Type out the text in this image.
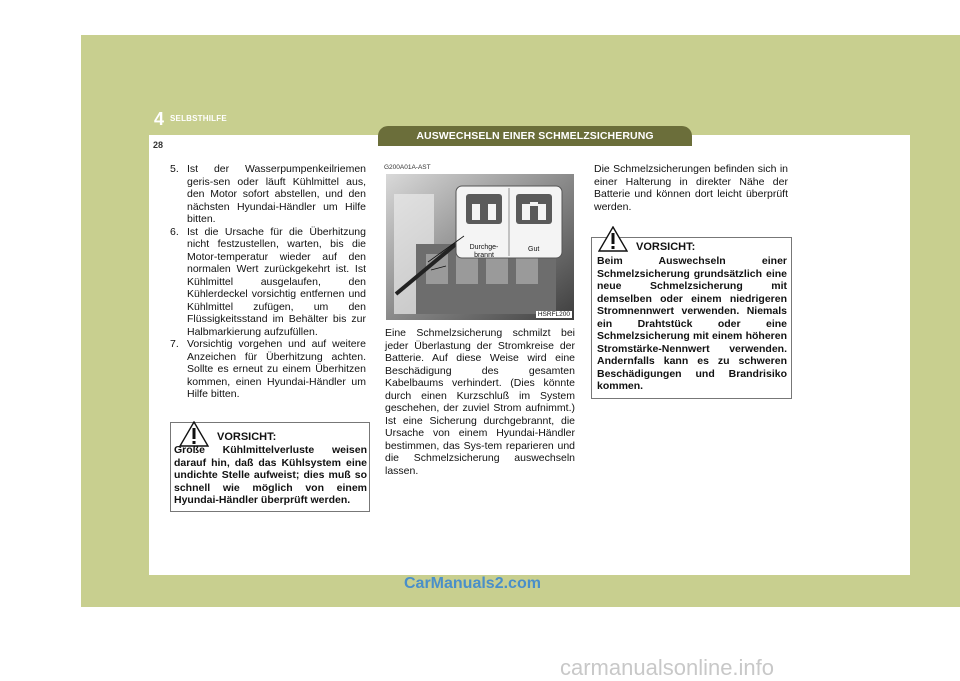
4 SELBSTHILFE
28
AUSWECHSELN EINER SCHMELZSICHERUNG
5. Ist der Wasserpumpenkeilriemen geris-sen oder läuft Kühlmittel aus, den Motor sofort abstellen, und den nächsten Hyundai-Händler um Hilfe bitten.
6. Ist die Ursache für die Überhitzung nicht festzustellen, warten, bis die Motor-temperatur wieder auf den normalen Wert zurückgekehrt ist. Ist Kühlmittel ausgelaufen, den Kühlerdeckel vorsichtig entfernen und Kühlmittel zufügen, um den Flüssigkeitsstand im Behälter bis zur Halbmarkierung aufzufüllen.
7. Vorsichtig vorgehen und auf weitere Anzeichen für Überhitzung achten. Sollte es erneut zu einem Überhitzen kommen, einen Hyundai-Händler um Hilfe bitten.
VORSICHT:
Große Kühlmittelverluste weisen darauf hin, daß das Kühlsystem eine undichte Stelle aufweist; dies muß so schnell wie möglich von einem Hyundai-Händler überprüft werden.
G200A01A-AST
Durchge-
brannt
Gut
HSRFL200
Eine Schmelzsicherung schmilzt bei jeder Überlastung der Stromkreise der Batterie. Auf diese Weise wird eine Beschädigung des gesamten Kabelbaums verhindert. (Dies könnte durch einen Kurzschluß im System geschehen, der zuviel Strom aufnimmt.) Ist eine Sicherung durchgebrannt, die Ursache von einem Hyundai-Händler bestimmen, das Sys-tem reparieren und die Schmelzsicherung auswechseln lassen.
Die Schmelzsicherungen befinden sich in einer Halterung in direkter Nähe der Batterie und können dort leicht überprüft werden.
VORSICHT:
Beim Auswechseln einer Schmelzsicherung grundsätzlich eine neue Schmelzsicherung mit demselben oder einem niedrigeren Stromnennwert verwenden. Niemals ein Drahtstück oder eine Schmelzsicherung mit einem höheren Stromstärke-Nennwert verwenden. Andernfalls kann es zu schweren Beschädigungen und Brandrisiko kommen.
CarManuals2.com
carmanualsonline.info
